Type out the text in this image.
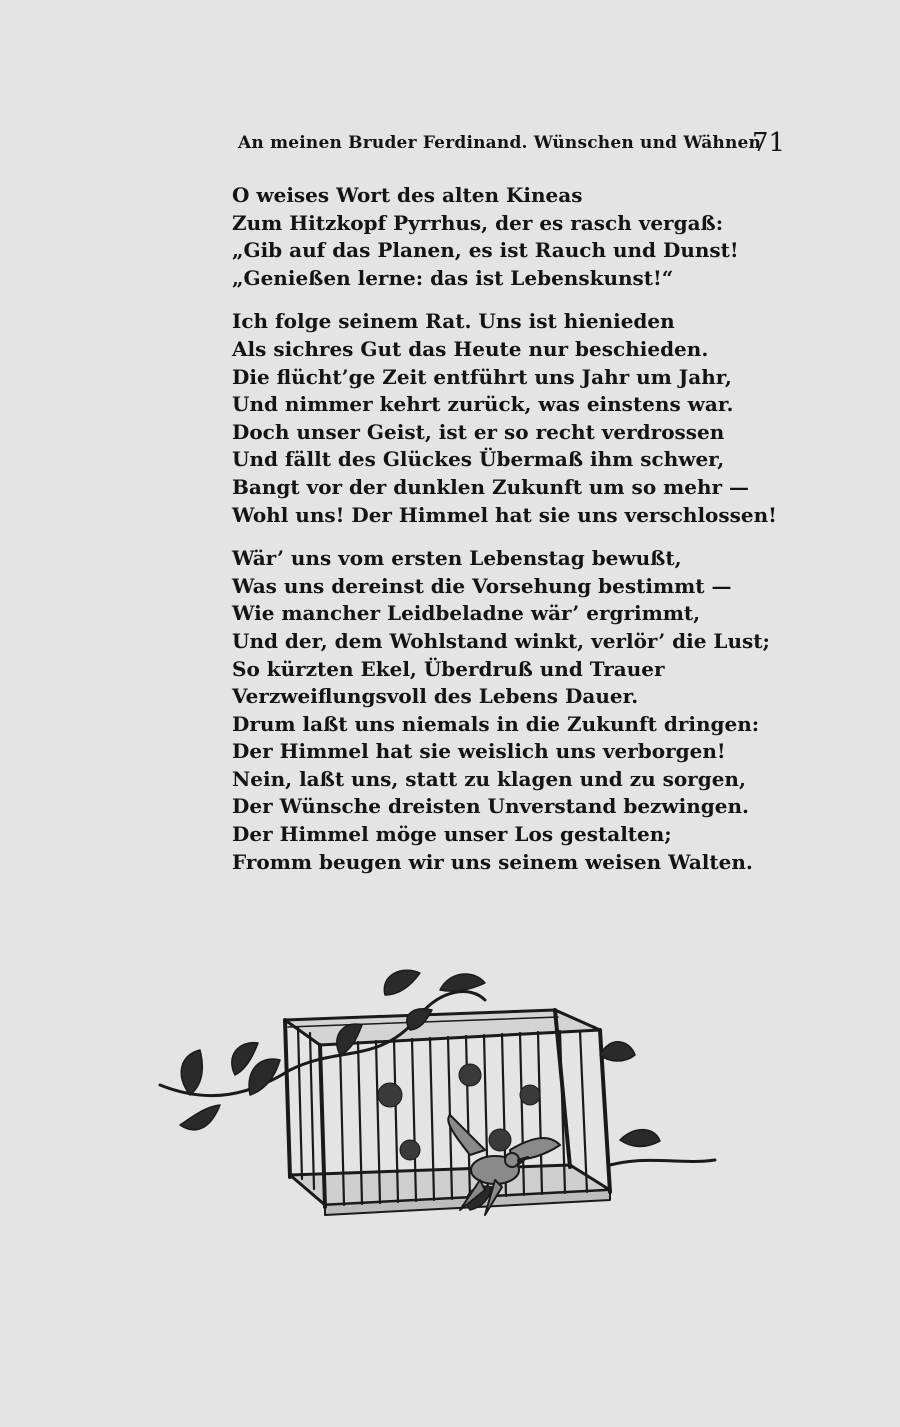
An meinen Bruder Ferdinand. Wünschen und Wähnen
71
O weises Wort des alten Kineas
Zum Hitzkopf Pyrrhus, der es rasch vergaß:
„Gib auf das Planen, es ist Rauch und Dunst!
„Genießen lerne: das ist Lebenskunst!“
Ich folge seinem Rat. Uns ist hienieden
Als sichres Gut das Heute nur beschieden.
Die flücht’ge Zeit entführt uns Jahr um Jahr,
Und nimmer kehrt zurück, was einstens war.
Doch unser Geist, ist er so recht verdrossen
Und fällt des Glückes Übermaß ihm schwer,
Bangt vor der dunklen Zukunft um so mehr —
Wohl uns! Der Himmel hat sie uns verschlossen!
Wär’ uns vom ersten Lebenstag bewußt,
Was uns dereinst die Vorsehung bestimmt —
Wie mancher Leidbeladne wär’ ergrimmt,
Und der, dem Wohlstand winkt, verlör’ die Lust;
So kürzten Ekel, Überdruß und Trauer
Verzweiflungsvoll des Lebens Dauer.
Drum laßt uns niemals in die Zukunft dringen:
Der Himmel hat sie weislich uns verborgen!
Nein, laßt uns, statt zu klagen und zu sorgen,
Der Wünsche dreisten Unverstand bezwingen.
Der Himmel möge unser Los gestalten;
Fromm beugen wir uns seinem weisen Walten.
